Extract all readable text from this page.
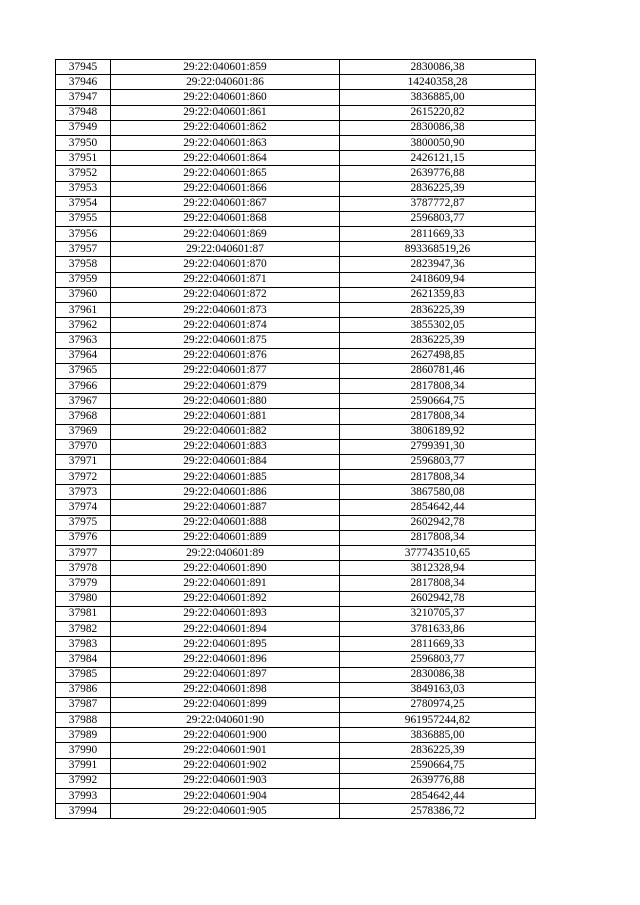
37945	29:22:040601:859	2830086,38
37946	29:22:040601:86	14240358,28
37947	29:22:040601:860	3836885,00
37948	29:22:040601:861	2615220,82
37949	29:22:040601:862	2830086,38
37950	29:22:040601:863	3800050,90
37951	29:22:040601:864	2426121,15
37952	29:22:040601:865	2639776,88
37953	29:22:040601:866	2836225,39
37954	29:22:040601:867	3787772,87
37955	29:22:040601:868	2596803,77
37956	29:22:040601:869	2811669,33
37957	29:22:040601:87	893368519,26
37958	29:22:040601:870	2823947,36
37959	29:22:040601:871	2418609,94
37960	29:22:040601:872	2621359,83
37961	29:22:040601:873	2836225,39
37962	29:22:040601:874	3855302,05
37963	29:22:040601:875	2836225,39
37964	29:22:040601:876	2627498,85
37965	29:22:040601:877	2860781,46
37966	29:22:040601:879	2817808,34
37967	29:22:040601:880	2590664,75
37968	29:22:040601:881	2817808,34
37969	29:22:040601:882	3806189,92
37970	29:22:040601:883	2799391,30
37971	29:22:040601:884	2596803,77
37972	29:22:040601:885	2817808,34
37973	29:22:040601:886	3867580,08
37974	29:22:040601:887	2854642,44
37975	29:22:040601:888	2602942,78
37976	29:22:040601:889	2817808,34
37977	29:22:040601:89	377743510,65
37978	29:22:040601:890	3812328,94
37979	29:22:040601:891	2817808,34
37980	29:22:040601:892	2602942,78
37981	29:22:040601:893	3210705,37
37982	29:22:040601:894	3781633,86
37983	29:22:040601:895	2811669,33
37984	29:22:040601:896	2596803,77
37985	29:22:040601:897	2830086,38
37986	29:22:040601:898	3849163,03
37987	29:22:040601:899	2780974,25
37988	29:22:040601:90	961957244,82
37989	29:22:040601:900	3836885,00
37990	29:22:040601:901	2836225,39
37991	29:22:040601:902	2590664,75
37992	29:22:040601:903	2639776,88
37993	29:22:040601:904	2854642,44
37994	29:22:040601:905	2578386,72
